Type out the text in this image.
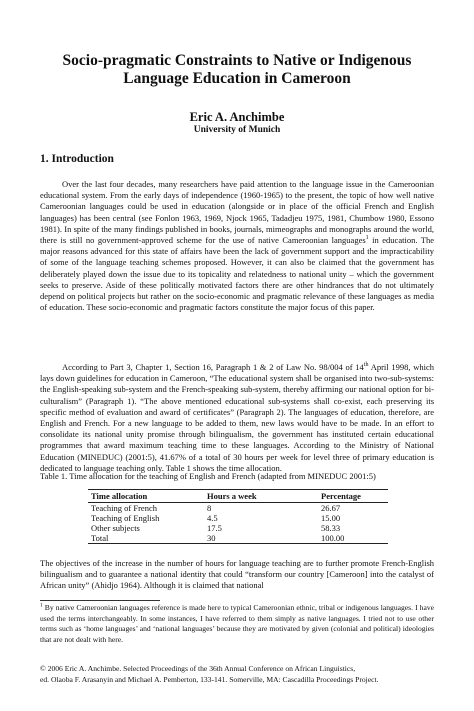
Socio-pragmatic Constraints to Native or Indigenous
Language Education in Cameroon
Eric A. Anchimbe
University of Munich
1. Introduction

Over the last four decades, many researchers have paid attention to the language issue in the Cameroonian educational system. From the early days of independence (1960-1965) to the present, the topic of how well native Cameroonian languages could be used in education (alongside or in place of the official French and English languages) has been central (see Fonlon 1963, 1969, Njock 1965, Tadadjeu 1975, 1981, Chumbow 1980, Essono 1981). In spite of the many findings published in books, journals, mimeographs and monographs around the world, there is still no government-approved scheme for the use of native Cameroonian languages$^1$ in education. The major reasons advanced for this state of affairs have been the lack of government support and the impracticability of some of the language teaching schemes proposed. However, it can also be claimed that the government has deliberately played down the issue due to its topicality and relatedness to national unity – which the government seeks to preserve. Aside of these politically motivated factors there are other hindrances that do not ultimately depend on political projects but rather on the socio-economic and pragmatic relevance of these languages as media of education. These socio-economic and pragmatic factors constitute the major focus of this paper.

According to Part 3, Chapter 1, Section 16, Paragraph 1 & 2 of Law No. 98/004 of 14th April 1998, which lays down guidelines for education in Cameroon, “The educational system shall be organised into two-sub-systems: the English-speaking sub-system and the French-speaking sub-system, thereby affirming our national option for bi-culturalism” (Paragraph 1). “The above mentioned educational sub-systems shall co-exist, each preserving its specific method of evaluation and award of certificates” (Paragraph 2). The languages of education, therefore, are English and French. For a new language to be added to them, new laws would have to be made. In an effort to consolidate its national unity promise through bilingualism, the government has instituted certain educational programmes that award maximum teaching time to these languages. According to the Ministry of National Education (MINEDUC) (2001:5), 41.67% of a total of 30 hours per week for level three of primary education is dedicated to language teaching only. Table 1 shows the time allocation.

Table 1. Time allocation for the teaching of English and French (adapted from MINEDUC 2001:5)
Time allocation	Hours a week	Percentage
Teaching of French	8	26.67
Teaching of English	4.5	15.00
Other subjects	17.5	58.33
Total	30	100.00

The objectives of the increase in the number of hours for language teaching are to further promote French-English bilingualism and to guarantee a national identity that could “transform our country [Cameroon] into the catalyst of African unity” (Ahidjo 1964). Although it is claimed that national

$^1$ By native Cameroonian languages reference is made here to typical Cameroonian ethnic, tribal or indigenous languages. I have used the terms interchangeably. In some instances, I have referred to them simply as native languages. I tried not to use other terms such as ‘home languages’ and ‘national languages’ because they are motivated by given (colonial and political) ideologies that are not dealt with here.

© 2006 Eric A. Anchimbe. Selected Proceedings of the 36th Annual Conference on African Linguistics,
ed. Olaoba F. Arasanyin and Michael A. Pemberton, 133-141. Somerville, MA: Cascadilla Proceedings Project.
